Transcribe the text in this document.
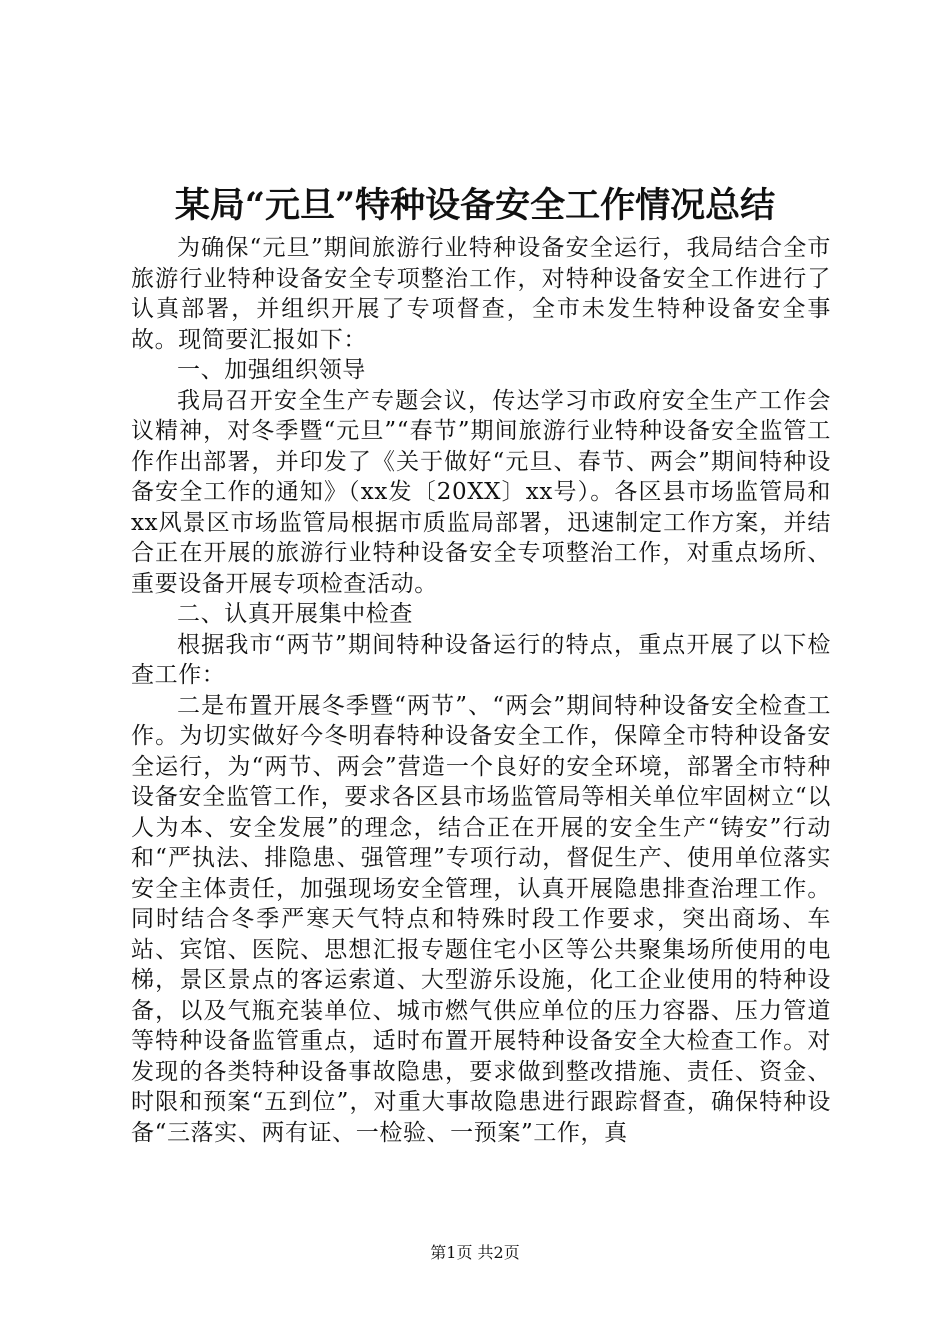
某局“元旦”特种设备安全工作情况总结

为确保“元旦”期间旅游行业特种设备安全运行，我局结合全市旅游行业特种设备安全专项整治工作，对特种设备安全工作进行了认真部署，并组织开展了专项督查，全市未发生特种设备安全事故。现简要汇报如下：

一、加强组织领导

我局召开安全生产专题会议，传达学习市政府安全生产工作会议精神，对冬季暨“元旦”“春节”期间旅游行业特种设备安全监管工作作出部署，并印发了《关于做好“元旦、春节、两会”期间特种设备安全工作的通知》（xx发〔20XX〕xx号）。各区县市场监管局和xx风景区市场监管局根据市质监局部署，迅速制定工作方案，并结合正在开展的旅游行业特种设备安全专项整治工作，对重点场所、重要设备开展专项检查活动。

二、认真开展集中检查

根据我市“两节”期间特种设备运行的特点，重点开展了以下检查工作：

二是布置开展冬季暨“两节”、“两会”期间特种设备安全检查工作。为切实做好今冬明春特种设备安全工作，保障全市特种设备安全运行，为“两节、两会”营造一个良好的安全环境，部署全市特种设备安全监管工作，要求各区县市场监管局等相关单位牢固树立“以人为本、安全发展”的理念，结合正在开展的安全生产“铸安”行动和“严执法、排隐患、强管理”专项行动，督促生产、使用单位落实安全主体责任，加强现场安全管理，认真开展隐患排查治理工作。同时结合冬季严寒天气特点和特殊时段工作要求，突出商场、车站、宾馆、医院、思想汇报专题住宅小区等公共聚集场所使用的电梯，景区景点的客运索道、大型游乐设施，化工企业使用的特种设备，以及气瓶充装单位、城市燃气供应单位的压力容器、压力管道等特种设备监管重点，适时布置开展特种设备安全大检查工作。对发现的各类特种设备事故隐患，要求做到整改措施、责任、资金、时限和预案“五到位”，对重大事故隐患进行跟踪督查，确保特种设备“三落实、两有证、一检验、一预案”工作，真

第1页 共2页
